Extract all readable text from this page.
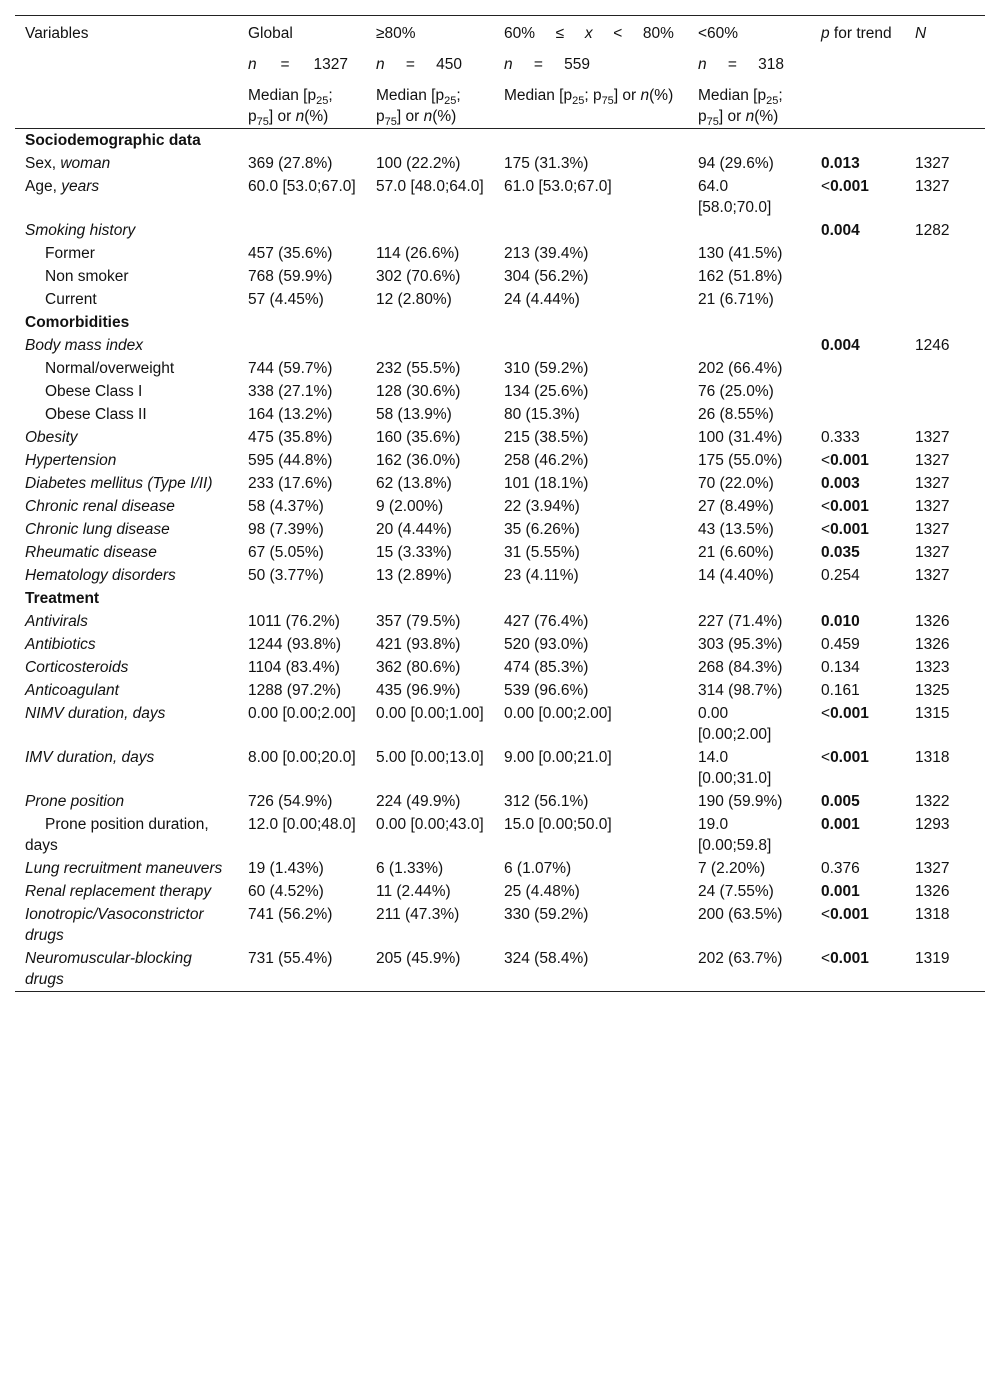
Variables	Global	≥80%	60% ≤ x < 80%	<60%	p for trend	N

	n = 1327	n = 450	n = 559	n = 318		

	Median [$p_{25}$; $p_{75}$] or n(%)	Median [$p_{25}$; $p_{75}$] or n(%)	Median [$p_{25}$; $p_{75}$] or n(%)	Median [$p_{25}$; $p_{75}$] or n(%)		
Sociodemographic data						
Sex, woman	369 (27.8%)	100 (22.2%)	175 (31.3%)	94 (29.6%)	0.013	1327
Age, years	60.0 [53.0;67.0]	57.0 [48.0;64.0]	61.0 [53.0;67.0]	64.0 [58.0;70.0]	<0.001	1327
Smoking history					0.004	1282
Former	457 (35.6%)	114 (26.6%)	213 (39.4%)	130 (41.5%)		
Non smoker	768 (59.9%)	302 (70.6%)	304 (56.2%)	162 (51.8%)		
Current	57 (4.45%)	12 (2.80%)	24 (4.44%)	21 (6.71%)		
Comorbidities						
Body mass index					0.004	1246
Normal/overweight	744 (59.7%)	232 (55.5%)	310 (59.2%)	202 (66.4%)		
Obese Class I	338 (27.1%)	128 (30.6%)	134 (25.6%)	76 (25.0%)		
Obese Class II	164 (13.2%)	58 (13.9%)	80 (15.3%)	26 (8.55%)		
Obesity	475 (35.8%)	160 (35.6%)	215 (38.5%)	100 (31.4%)	0.333	1327
Hypertension	595 (44.8%)	162 (36.0%)	258 (46.2%)	175 (55.0%)	<0.001	1327
Diabetes mellitus (Type I/II)	233 (17.6%)	62 (13.8%)	101 (18.1%)	70 (22.0%)	0.003	1327
Chronic renal disease	58 (4.37%)	9 (2.00%)	22 (3.94%)	27 (8.49%)	<0.001	1327
Chronic lung disease	98 (7.39%)	20 (4.44%)	35 (6.26%)	43 (13.5%)	<0.001	1327
Rheumatic disease	67 (5.05%)	15 (3.33%)	31 (5.55%)	21 (6.60%)	0.035	1327
Hematology disorders	50 (3.77%)	13 (2.89%)	23 (4.11%)	14 (4.40%)	0.254	1327
Treatment						
Antivirals	1011 (76.2%)	357 (79.5%)	427 (76.4%)	227 (71.4%)	0.010	1326
Antibiotics	1244 (93.8%)	421 (93.8%)	520 (93.0%)	303 (95.3%)	0.459	1326
Corticosteroids	1104 (83.4%)	362 (80.6%)	474 (85.3%)	268 (84.3%)	0.134	1323
Anticoagulant	1288 (97.2%)	435 (96.9%)	539 (96.6%)	314 (98.7%)	0.161	1325
NIMV duration, days	0.00 [0.00;2.00]	0.00 [0.00;1.00]	0.00 [0.00;2.00]	0.00 [0.00;2.00]	<0.001	1315
IMV duration, days	8.00 [0.00;20.0]	5.00 [0.00;13.0]	9.00 [0.00;21.0]	14.0 [0.00;31.0]	<0.001	1318
Prone position	726 (54.9%)	224 (49.9%)	312 (56.1%)	190 (59.9%)	0.005	1322
Prone position duration, days	12.0 [0.00;48.0]	0.00 [0.00;43.0]	15.0 [0.00;50.0]	19.0 [0.00;59.8]	0.001	1293
Lung recruitment maneuvers	19 (1.43%)	6 (1.33%)	6 (1.07%)	7 (2.20%)	0.376	1327
Renal replacement therapy	60 (4.52%)	11 (2.44%)	25 (4.48%)	24 (7.55%)	0.001	1326
Ionotropic/Vasoconstrictor drugs	741 (56.2%)	211 (47.3%)	330 (59.2%)	200 (63.5%)	<0.001	1318
Neuromuscular-blocking drugs	731 (55.4%)	205 (45.9%)	324 (58.4%)	202 (63.7%)	<0.001	1319
